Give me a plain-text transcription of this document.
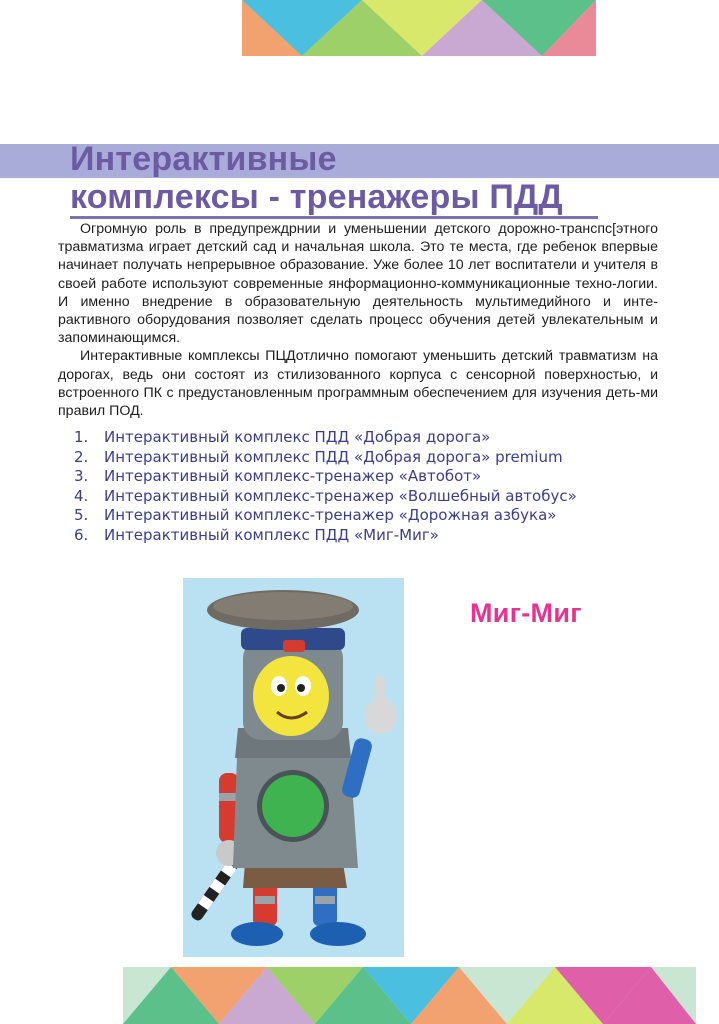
Интерактивные
комплексы - тренажеры ПДД

Огромную роль в предупреждрнии и уменьшении детского дорожно-транспс[этного травматизма играет детский сад и начальная школа. Это те места, где ребенок впервые начинает получать непрерывное образование. Уже более 10 лет воспитатели и учителя в своей работе используют современные янформационно-коммуникационные техно-логии. И именно внедрение в образовательную деятельность мультимедийного и инте-рактивного оборудования позволяет сделать процесс обучения детей увлекательным и запоминающимся.

Интерактивные комплексы ПЦДотлично помогают уменьшить детский травматизм на дорогах, ведь они состоят из стилизованного корпуса с сенсорной поверхностью, и встроенного ПК с предустановленным программным обеспечением для изучения деть-ми правил ПОД.

1. Интерактивный комплекс ПДД «Добрая дорога»
2. Интерактивный комплекс ПДД «Добрая дорога» premium
3. Интерактивный комплекс-тренажер «Автобот»
4. Интерактивный комплекс-тренажер «Волшебный автобус»
5. Интерактивный комплекс-тренажер «Дорожная азбука»
6. Интерактивный комплекс ПДД «Миг-Миг»
Миг-Миг
